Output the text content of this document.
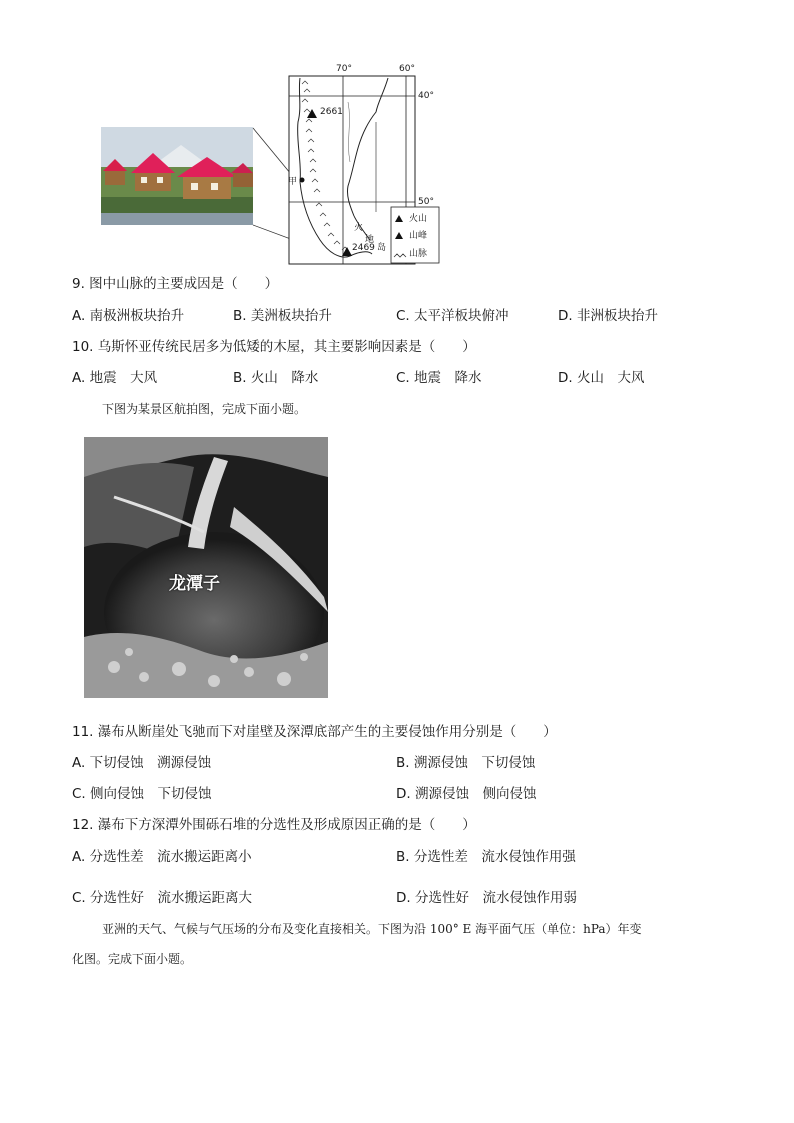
70°	60°
40°
50°
2661
2469
甲
火
地
岛
火山
山峰
山脉
9. 图中山脉的主要成因是（　　）
A. 南极洲板块抬升	B. 美洲板块抬升	C. 太平洋板块俯冲	D. 非洲板块抬升
10. 乌斯怀亚传统民居多为低矮的木屋，其主要影响因素是（　　）
A. 地震　大风	B. 火山　降水	C. 地震　降水	D. 火山　大风
下图为某景区航拍图，完成下面小题。
龙潭子
11. 瀑布从断崖处飞驰而下对崖壁及深潭底部产生的主要侵蚀作用分别是（　　）
A. 下切侵蚀　溯源侵蚀	B. 溯源侵蚀　下切侵蚀
C. 侧向侵蚀　下切侵蚀	D. 溯源侵蚀　侧向侵蚀
12. 瀑布下方深潭外围砾石堆的分选性及形成原因正确的是（　　）
A. 分选性差　流水搬运距离小	B. 分选性差　流水侵蚀作用强
C. 分选性好　流水搬运距离大	D. 分选性好　流水侵蚀作用弱
亚洲的天气、气候与气压场的分布及变化直接相关。下图为沿 100° E 海平面气压（单位：hPa）年变
化图。完成下面小题。
